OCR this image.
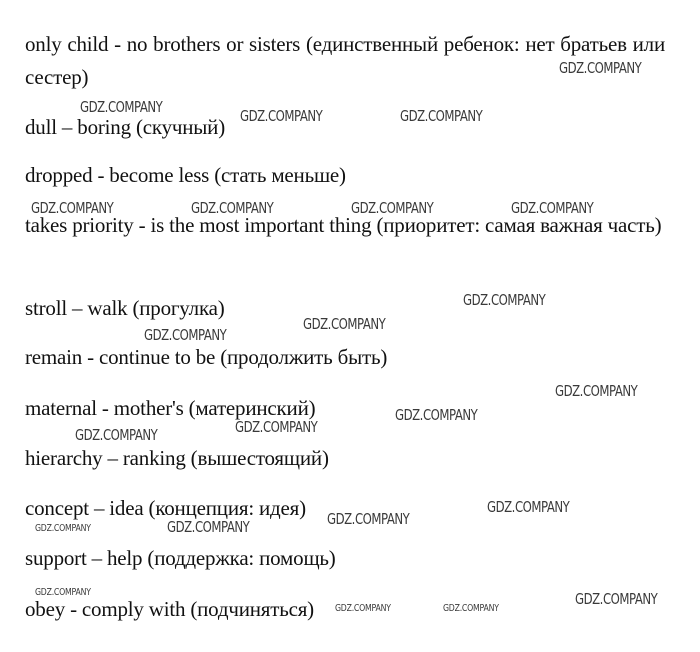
only child - no brothers or sisters (единственный ребенок: нет братьев или сестер)
dull – boring (скучный)
dropped - become less (стать меньше)
takes priority - is the most important thing (приоритет: самая важная часть)
stroll – walk (прогулка)
remain - continue to be (продолжить быть)
maternal - mother's (материнский)
hierarchy – ranking (вышестоящий)
concept – idea (концепция: идея)
support – help (поддержка: помощь)
obey - comply with (подчиняться)
GDZ.COMPANY
GDZ.COMPANY	GDZ.COMPANY	GDZ.COMPANY
GDZ.COMPANY	GDZ.COMPANY	GDZ.COMPANY	GDZ.COMPANY
GDZ.COMPANY
GDZ.COMPANY
GDZ.COMPANY
GDZ.COMPANY
GDZ.COMPANY
GDZ.COMPANY
GDZ.COMPANY
GDZ.COMPANY
GDZ.COMPANY
GDZ.COMPANY	GDZ.COMPANY
GDZ.COMPANY	GDZ.COMPANY
GDZ.COMPANY	GDZ.COMPANY
